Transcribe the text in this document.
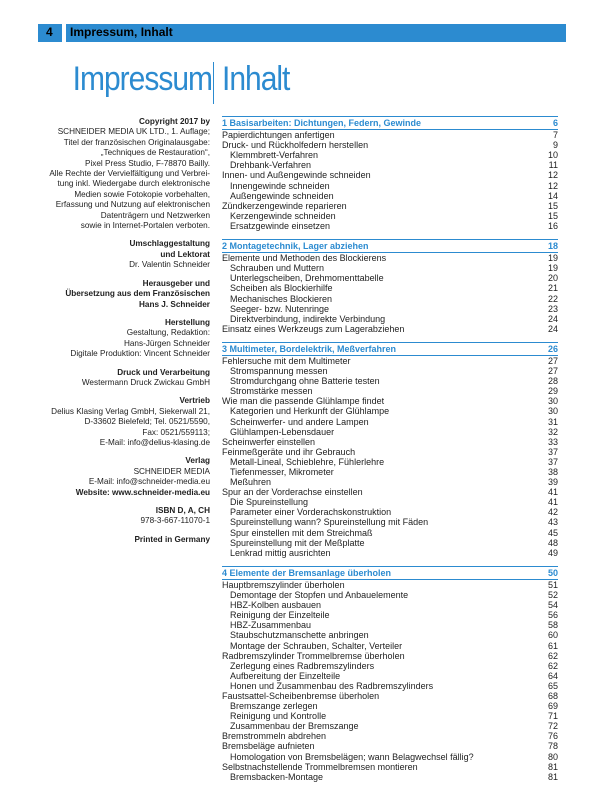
4 Impressum, Inhalt
Impressum Inhalt
Copyright 2017 by
SCHNEIDER MEDIA UK LTD., 1. Auflage;
Titel der französischen Originalausgabe:
„Techniques de Restauration“,
Pixel Press Studio, F-78870 Bailly.
Alle Rechte der Vervielfältigung und Verbrei-
tung inkl. Wiedergabe durch elektronische
Medien sowie Fotokopie vorbehalten,
Erfassung und Nutzung auf elektronischen
Datenträgern und Netzwerken
sowie in Internet-Portalen verboten.
Umschlaggestaltung
und Lektorat
Dr. Valentin Schneider
Herausgeber und
Übersetzung aus dem Französischen
Hans J. Schneider
Herstellung
Gestaltung, Redaktion:
Hans-Jürgen Schneider
Digitale Produktion: Vincent Schneider
Druck und Verarbeitung
Westermann Druck Zwickau GmbH
Vertrieb
Delius Klasing Verlag GmbH, Siekerwall 21,
D-33602 Bielefeld; Tel. 0521/5590,
Fax: 0521/559113;
E-Mail: info@delius-klasing.de
Verlag
SCHNEIDER MEDIA
E-Mail: info@schneider-media.eu
Website: www.schneider-media.eu
ISBN D, A, CH
978-3-667-11070-1
Printed in Germany
1 Basisarbeiten: Dichtungen, Federn, Gewinde	6
Papierdichtungen anfertigen	7
Druck- und Rückholfedern herstellen	9
Klemmbrett-Verfahren	10
Drehbank-Verfahren	11
Innen- und Außengewinde schneiden	12
Innengewinde schneiden	12
Außengewinde schneiden	14
Zündkerzengewinde reparieren	15
Kerzengewinde schneiden	15
Ersatzgewinde einsetzen	16
2 Montagetechnik, Lager abziehen	18
Elemente und Methoden des Blockierens	19
Schrauben und Muttern	19
Unterlegscheiben, Drehmomenttabelle	20
Scheiben als Blockierhilfe	21
Mechanisches Blockieren	22
Seeger- bzw. Nutenringe	23
Direktverbindung, indirekte Verbindung	24
Einsatz eines Werkzeugs zum Lagerabziehen	24
3 Multimeter, Bordelektrik, Meßverfahren	26
Fehlersuche mit dem Multimeter	27
Stromspannung messen	27
Stromdurchgang ohne Batterie testen	28
Stromstärke messen	29
Wie man die passende Glühlampe findet	30
Kategorien und Herkunft der Glühlampe	30
Scheinwerfer- und andere Lampen	31
Glühlampen-Lebensdauer	32
Scheinwerfer einstellen	33
Feinmeßgeräte und ihr Gebrauch	37
Metall-Lineal, Schieblehre, Fühlerlehre	37
Tiefenmesser, Mikrometer	38
Meßuhren	39
Spur an der Vorderachse einstellen	41
Die Spureinstellung	41
Parameter einer Vorderachskonstruktion	42
Spureinstellung wann? Spureinstellung mit Fäden	43
Spur einstellen mit dem Streichmaß	45
Spureinstellung mit der Meßplatte	48
Lenkrad mittig ausrichten	49
4 Elemente der Bremsanlage überholen	50
Hauptbremszylinder überholen	51
Demontage der Stopfen und Anbauelemente	52
HBZ-Kolben ausbauen	54
Reinigung der Einzelteile	56
HBZ-Zusammenbau	58
Staubschutzmanschette anbringen	60
Montage der Schrauben, Schalter, Verteiler	61
Radbremszylinder Trommelbremse überholen	62
Zerlegung eines Radbremszylinders	62
Aufbereitung der Einzelteile	64
Honen und Zusammenbau des Radbremszylinders	65
Faustsattel-Scheibenbremse überholen	68
Bremszange zerlegen	69
Reinigung und Kontrolle	71
Zusammenbau der Bremszange	72
Bremstrommeln abdrehen	76
Bremsbeläge aufnieten	78
Homologation von Bremsbelägen; wann Belagwechsel fällig?	80
Selbstnachstellende Trommelbremsen montieren	81
Bremsbacken-Montage	81
